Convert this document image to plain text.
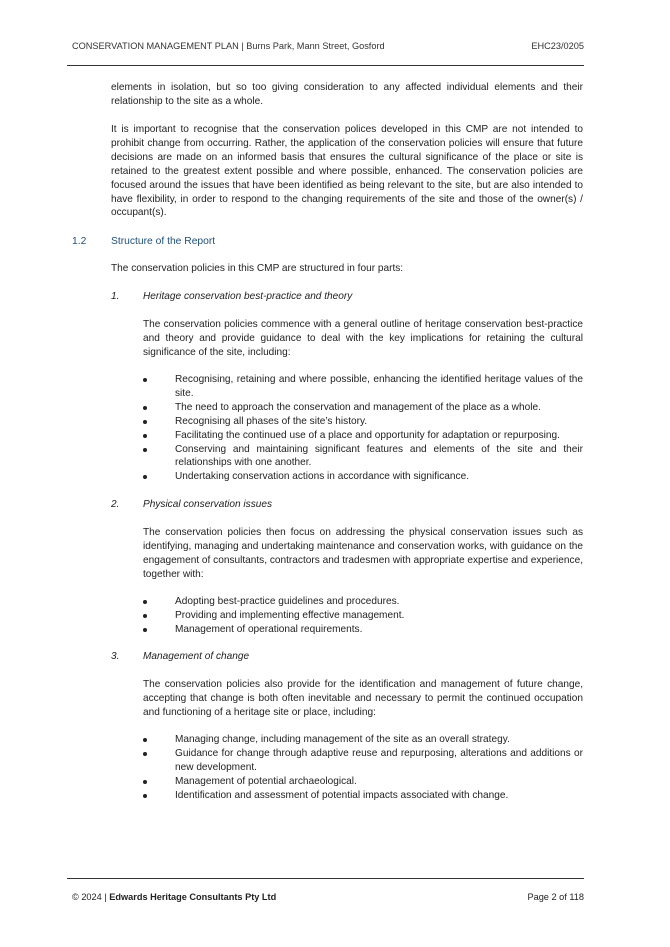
CONSERVATION MANAGEMENT PLAN | Burns Park, Mann Street, Gosford	EHC23/0205

elements in isolation, but so too giving consideration to any affected individual elements and their relationship to the site as a whole.

It is important to recognise that the conservation polices developed in this CMP are not intended to prohibit change from occurring. Rather, the application of the conservation policies will ensure that future decisions are made on an informed basis that ensures the cultural significance of the place or site is retained to the greatest extent possible and where possible, enhanced. The conservation policies are focused around the issues that have been identified as being relevant to the site, but are also intended to have flexibility, in order to respond to the changing requirements of the site and those of the owner(s) / occupant(s).

1.2 Structure of the Report

The conservation policies in this CMP are structured in four parts:

1. Heritage conservation best-practice and theory

The conservation policies commence with a general outline of heritage conservation best-practice and theory and provide guidance to deal with the key implications for retaining the cultural significance of the site, including:

Recognising, retaining and where possible, enhancing the identified heritage values of the site.
The need to approach the conservation and management of the place as a whole.
Recognising all phases of the site’s history.
Facilitating the continued use of a place and opportunity for adaptation or repurposing.
Conserving and maintaining significant features and elements of the site and their relationships with one another.
Undertaking conservation actions in accordance with significance.
2. Physical conservation issues

The conservation policies then focus on addressing the physical conservation issues such as identifying, managing and undertaking maintenance and conservation works, with guidance on the engagement of consultants, contractors and tradesmen with appropriate expertise and experience, together with:

Adopting best-practice guidelines and procedures.
Providing and implementing effective management.
Management of operational requirements.
3. Management of change

The conservation policies also provide for the identification and management of future change, accepting that change is both often inevitable and necessary to permit the continued occupation and functioning of a heritage site or place, including:

Managing change, including management of the site as an overall strategy.
Guidance for change through adaptive reuse and repurposing, alterations and additions or new development.
Management of potential archaeological.
Identification and assessment of potential impacts associated with change.
© 2024 | Edwards Heritage Consultants Pty Ltd	Page 2 of 118
